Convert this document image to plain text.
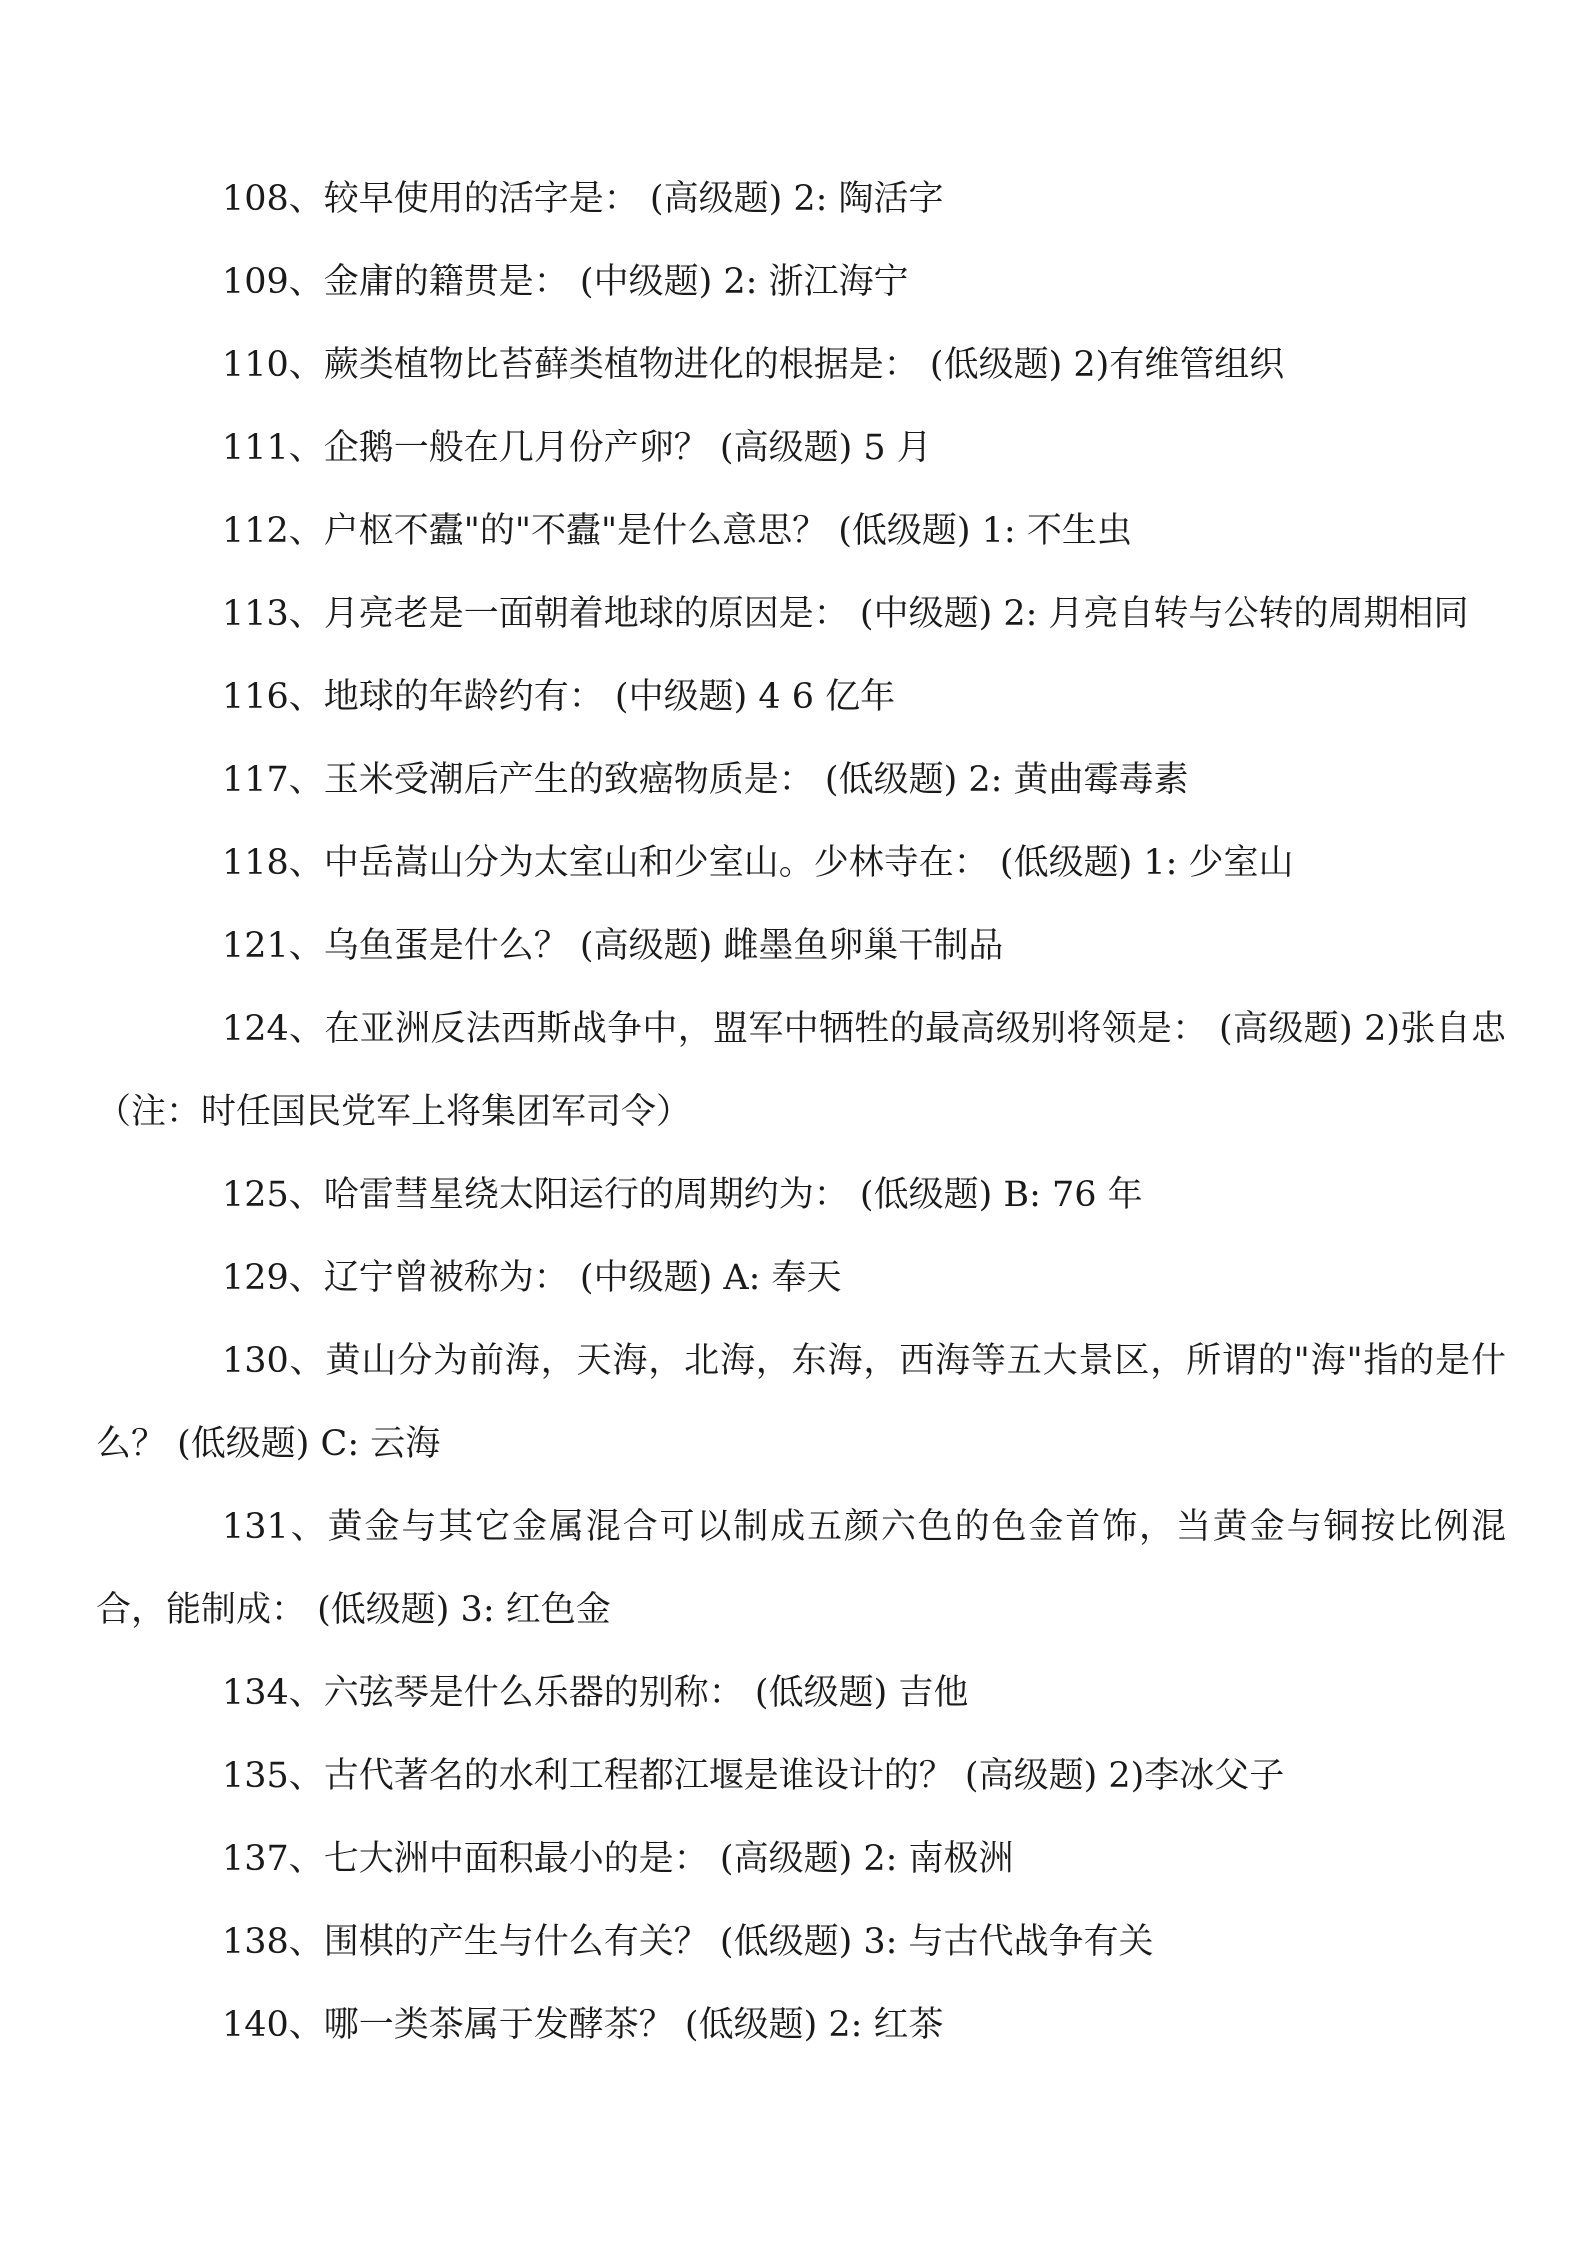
108、较早使用的活字是： (高级题) 2: 陶活字

109、金庸的籍贯是： (中级题) 2: 浙江海宁

110、蕨类植物比苔藓类植物进化的根据是： (低级题) 2)有维管组织

111、企鹅一般在几月份产卵？ (高级题) 5 月

112、户枢不蠹"的"不蠹"是什么意思？ (低级题) 1: 不生虫

113、月亮老是一面朝着地球的原因是： (中级题) 2: 月亮自转与公转的周期相同

116、地球的年龄约有： (中级题) 4 6 亿年

117、玉米受潮后产生的致癌物质是： (低级题) 2: 黄曲霉毒素

118、中岳嵩山分为太室山和少室山。少林寺在： (低级题) 1: 少室山

121、乌鱼蛋是什么？ (高级题) 雌墨鱼卵巢干制品

124、在亚洲反法西斯战争中，盟军中牺牲的最高级别将领是： (高级题) 2)张自忠 （注：时任国民党军上将集团军司令）

125、哈雷彗星绕太阳运行的周期约为： (低级题) B: 76 年

129、辽宁曾被称为： (中级题) A: 奉天

130、黄山分为前海，天海，北海，东海，西海等五大景区，所谓的"海"指的是什么？ (低级题) C: 云海

131、黄金与其它金属混合可以制成五颜六色的色金首饰，当黄金与铜按比例混合，能制成： (低级题) 3: 红色金

134、六弦琴是什么乐器的别称： (低级题) 吉他

135、古代著名的水利工程都江堰是谁设计的？ (高级题) 2)李冰父子

137、七大洲中面积最小的是： (高级题) 2: 南极洲

138、围棋的产生与什么有关？ (低级题) 3: 与古代战争有关

140、哪一类茶属于发酵茶？ (低级题) 2: 红茶
